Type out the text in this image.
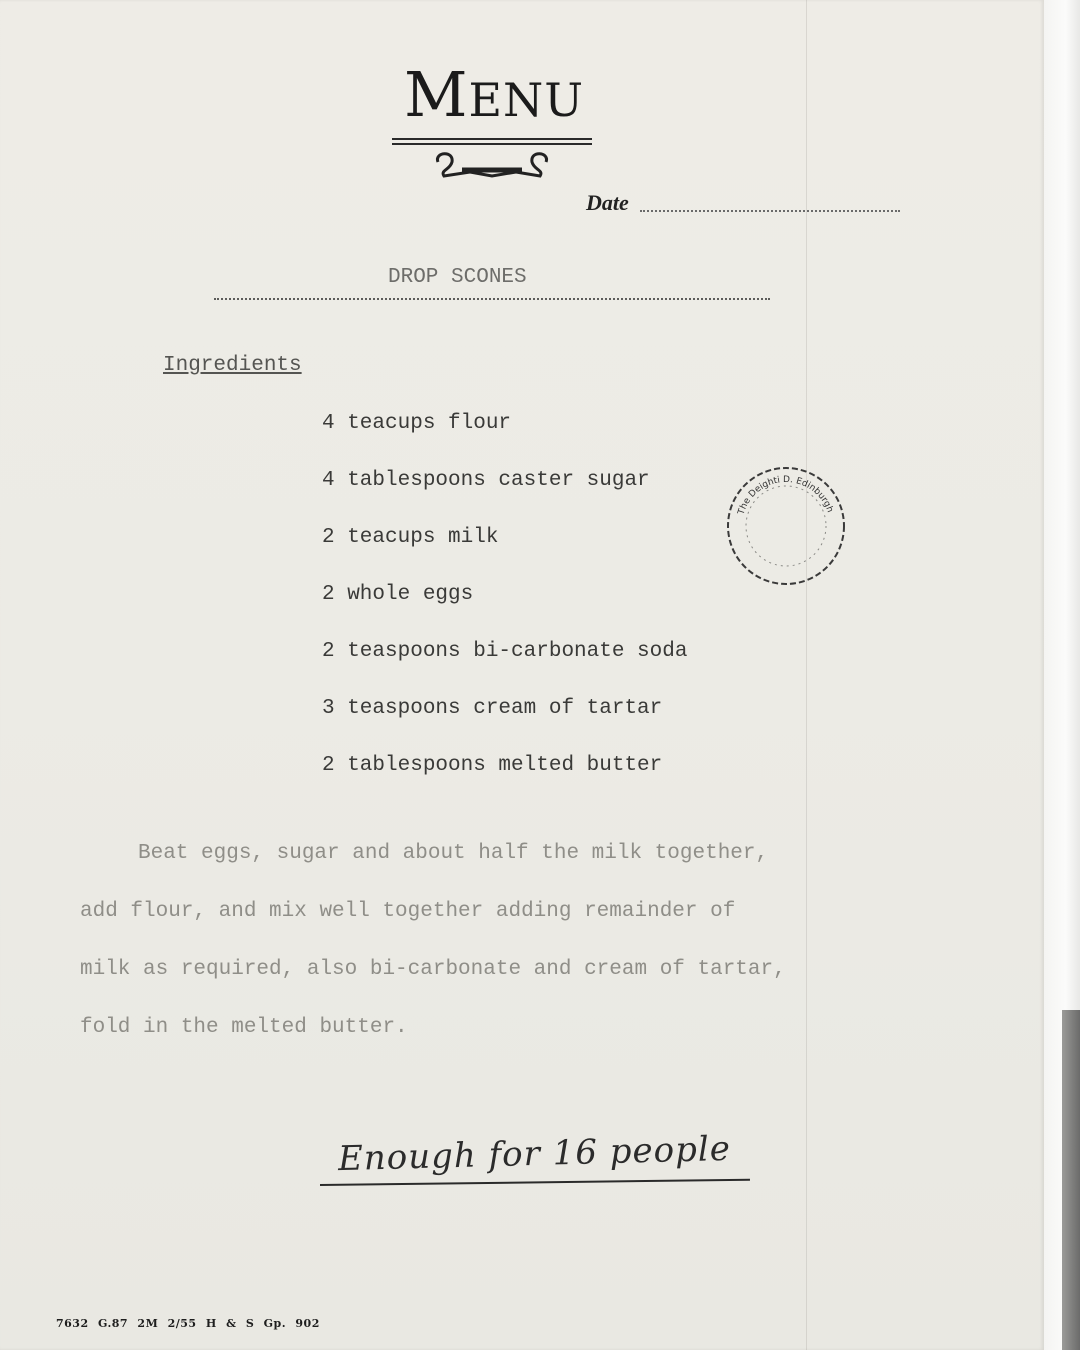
MENU
Date
DROP SCONES
Ingredients
4 teacups flour
4 tablespoons caster sugar
2 teacups milk
2 whole eggs
2 teaspoons bi-carbonate soda
3 teaspoons cream of tartar
2 tablespoons melted butter
The Deighti D. Edinburgh
Beat eggs, sugar and about half the milk together,
add flour, and mix well together adding remainder of
milk as required, also bi-carbonate and cream of tartar,
fold in the melted butter.
Enough for 16 people
7632 G.87 2M 2/55 H & S Gp. 902
